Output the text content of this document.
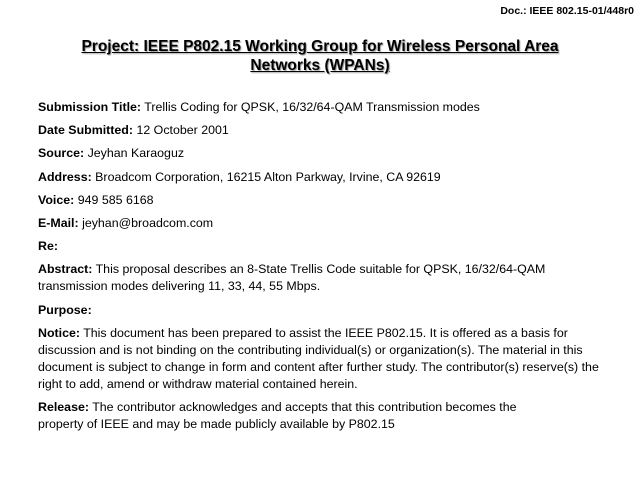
Doc.: IEEE 802.15-01/448r0
Project: IEEE P802.15 Working Group for Wireless Personal Area
Networks (WPANs)
Submission Title: Trellis Coding for QPSK, 16/32/64-QAM Transmission modes
Date Submitted: 12 October 2001
Source: Jeyhan Karaoguz
Address: Broadcom Corporation, 16215 Alton Parkway, Irvine, CA 92619
Voice: 949 585 6168
E-Mail: jeyhan@broadcom.com
Re:
Abstract: This proposal describes an 8-State Trellis Code suitable for QPSK, 16/32/64-QAM transmission modes delivering 11, 33, 44, 55 Mbps.
Purpose:
Notice: This document has been prepared to assist the IEEE P802.15. It is offered as a basis for discussion and is not binding on the contributing individual(s) or organization(s). The material in this document is subject to change in form and content after further study. The contributor(s) reserve(s) the right to add, amend or withdraw material contained herein.
Release: The contributor acknowledges and accepts that this contribution becomes the
property of IEEE and may be made publicly available by P802.15
